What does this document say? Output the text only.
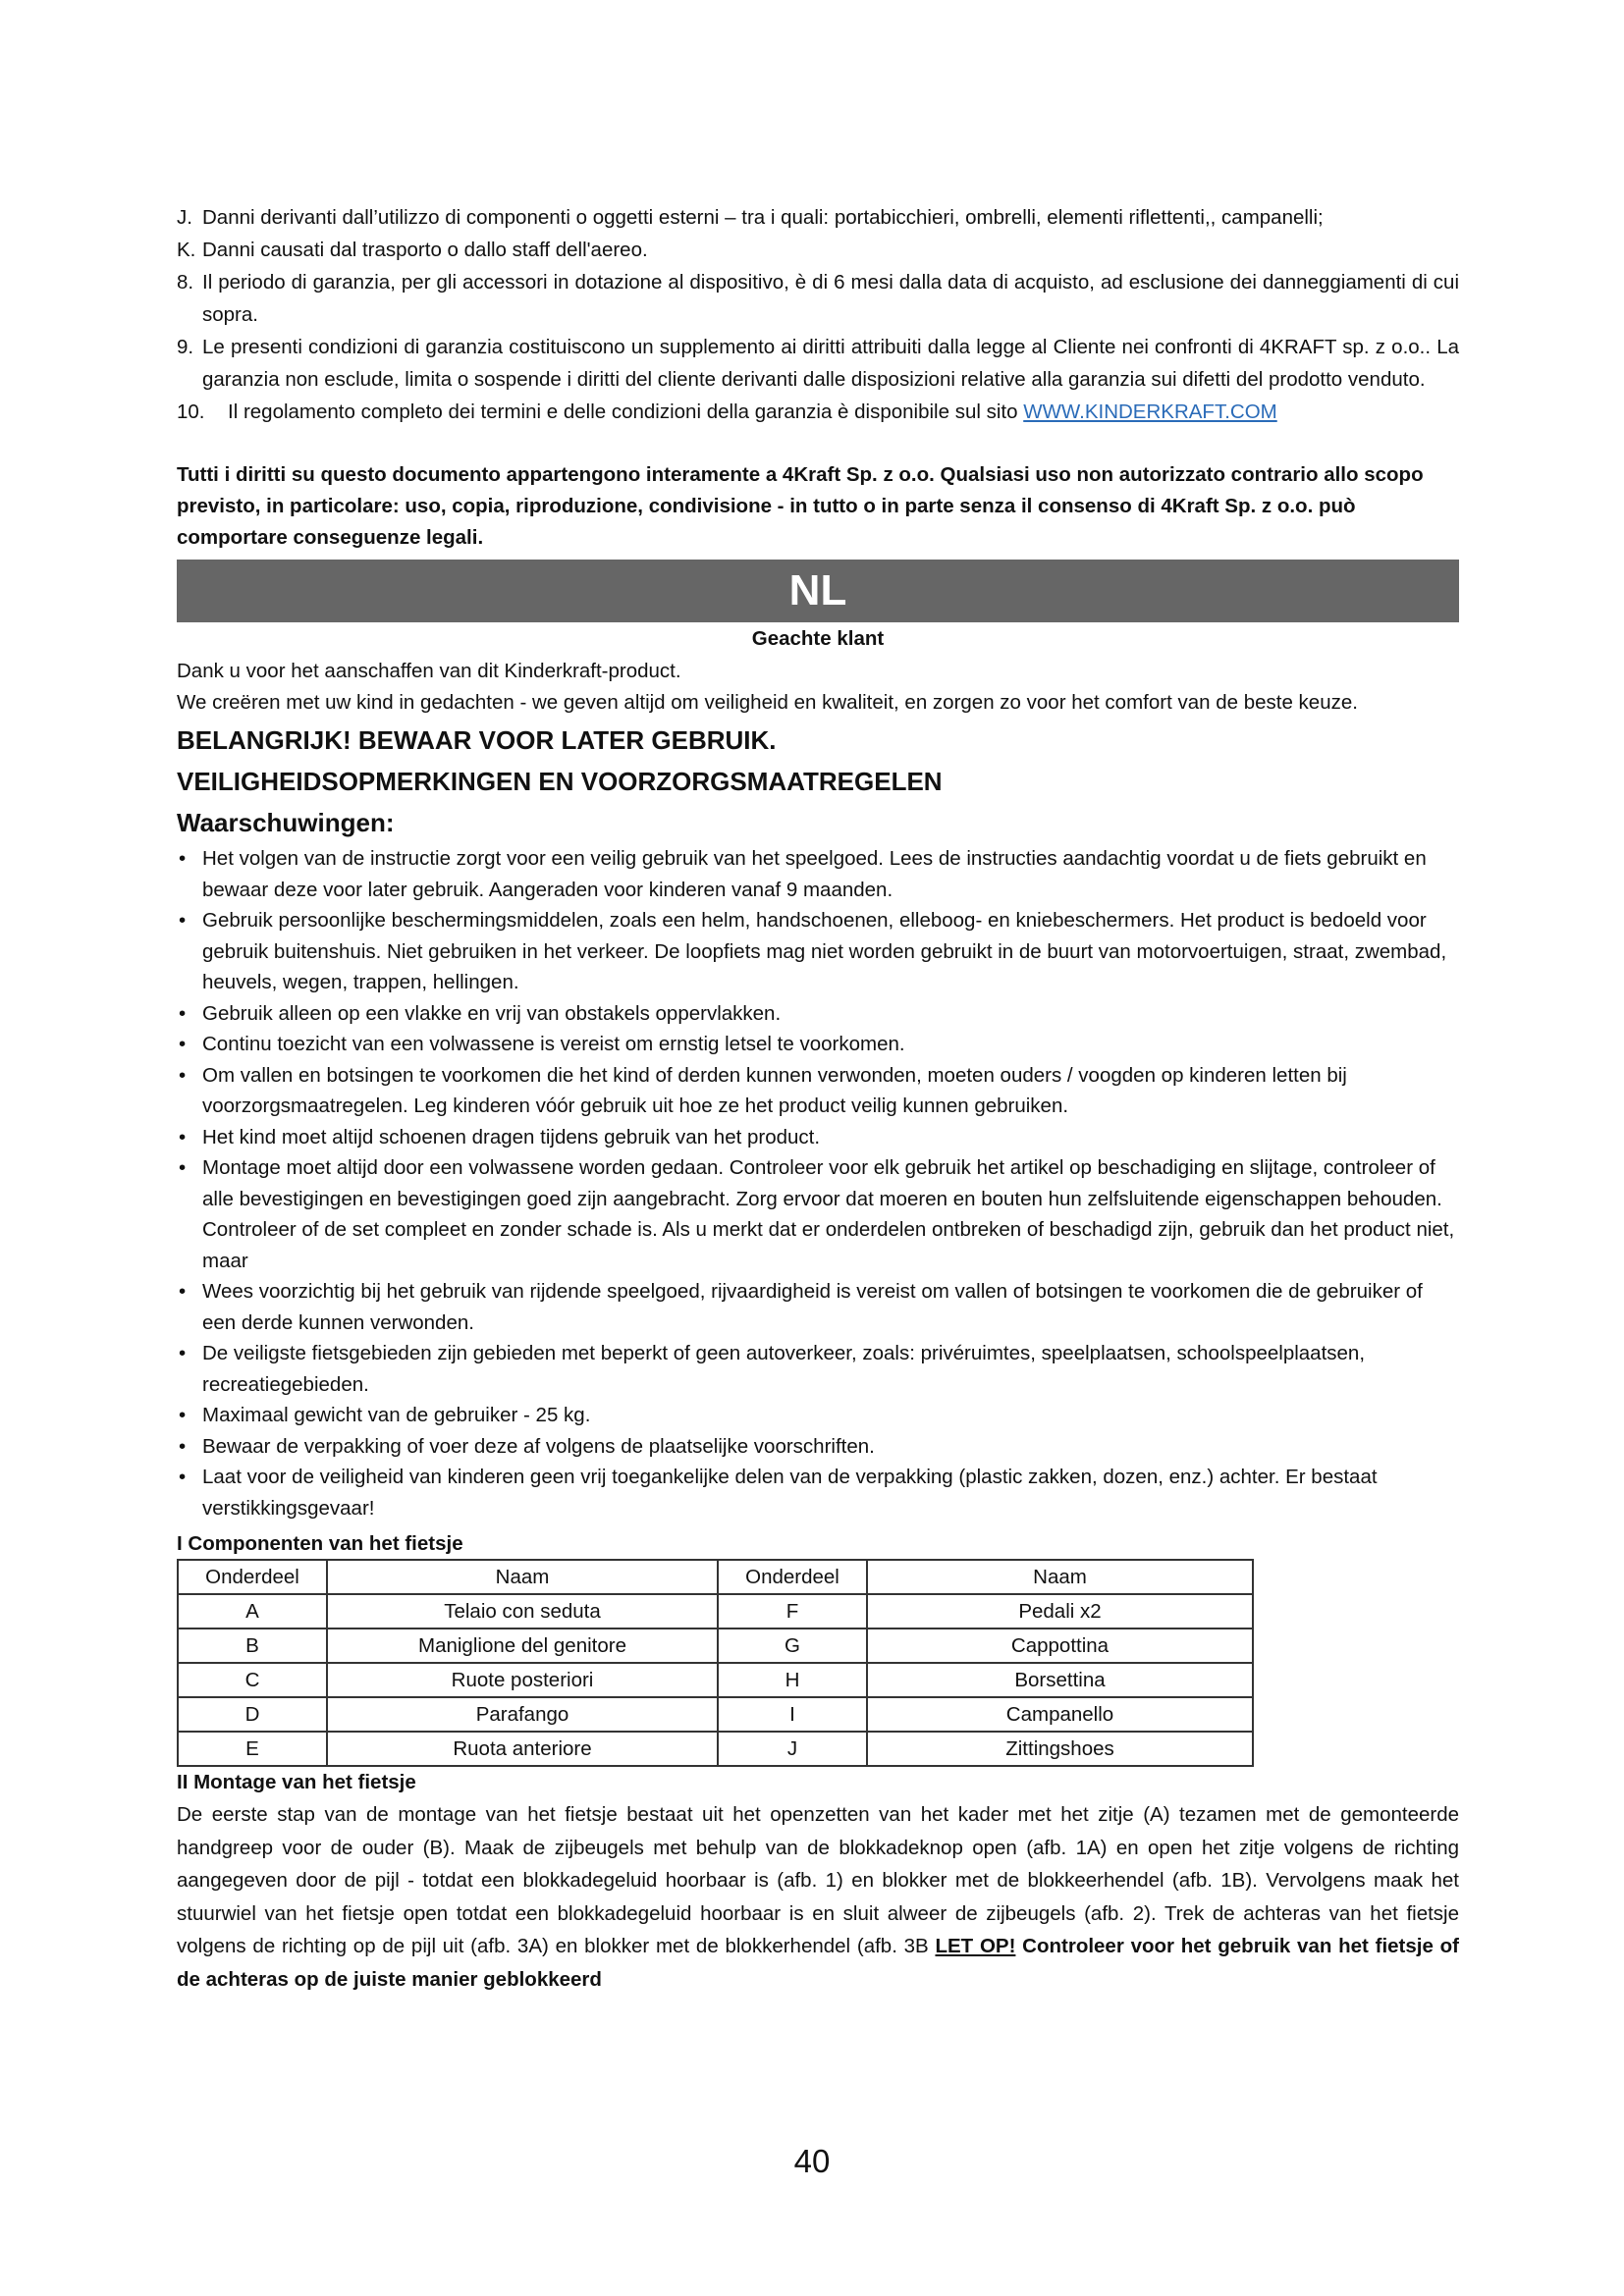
J. Danni derivanti dall’utilizzo di componenti o oggetti esterni – tra i quali: portabicchieri, ombrelli, elementi riflettenti,, campanelli;
K. Danni causati dal trasporto o dallo staff dell'aereo.
8. Il periodo di garanzia, per gli accessori in dotazione al dispositivo, è di 6 mesi dalla data di acquisto, ad esclusione dei danneggiamenti di cui sopra.
9. Le presenti condizioni di garanzia costituiscono un supplemento ai diritti attribuiti dalla legge al Cliente nei confronti di 4KRAFT sp. z o.o.. La garanzia non esclude, limita o sospende i diritti del cliente derivanti dalle disposizioni relative alla garanzia sui difetti del prodotto venduto.
10.	Il regolamento completo dei termini e delle condizioni della garanzia è disponibile sul sito WWW.KINDERKRAFT.COM
Tutti i diritti su questo documento appartengono interamente a 4Kraft Sp. z o.o. Qualsiasi uso non autorizzato contrario allo scopo previsto, in particolare: uso, copia, riproduzione, condivisione - in tutto o in parte senza il consenso di 4Kraft Sp. z o.o. può comportare conseguenze legali.
NL
Geachte klant
Dank u voor het aanschaffen van dit Kinderkraft-product.
We creëren met uw kind in gedachten - we geven altijd om veiligheid en kwaliteit, en zorgen zo voor het comfort van de beste keuze.
BELANGRIJK! BEWAAR VOOR LATER GEBRUIK.
VEILIGHEIDSOPMERKINGEN EN VOORZORGSMAATREGELEN
Waarschuwingen:
• Het volgen van de instructie zorgt voor een veilig gebruik van het speelgoed. Lees de instructies aandachtig voordat u de fiets gebruikt en bewaar deze voor later gebruik. Aangeraden voor kinderen vanaf 9 maanden.
• Gebruik persoonlijke beschermingsmiddelen, zoals een helm, handschoenen, elleboog- en kniebeschermers. Het product is bedoeld voor gebruik buitenshuis. Niet gebruiken in het verkeer. De loopfiets mag niet worden gebruikt in de buurt van motorvoertuigen, straat, zwembad, heuvels, wegen, trappen, hellingen.
• Gebruik alleen op een vlakke en vrij van obstakels oppervlakken.
• Continu toezicht van een volwassene is vereist om ernstig letsel te voorkomen.
• Om vallen en botsingen te voorkomen die het kind of derden kunnen verwonden, moeten ouders / voogden op kinderen letten bij voorzorgsmaatregelen. Leg kinderen vóór gebruik uit hoe ze het product veilig kunnen gebruiken.
• Het kind moet altijd schoenen dragen tijdens gebruik van het product.
• Montage moet altijd door een volwassene worden gedaan. Controleer voor elk gebruik het artikel op beschadiging en slijtage, controleer of alle bevestigingen en bevestigingen goed zijn aangebracht. Zorg ervoor dat moeren en bouten hun zelfsluitende eigenschappen behouden. Controleer of de set compleet en zonder schade is. Als u merkt dat er onderdelen ontbreken of beschadigd zijn, gebruik dan het product niet, maar
• Wees voorzichtig bij het gebruik van rijdende speelgoed, rijvaardigheid is vereist om vallen of botsingen te voorkomen die de gebruiker of een derde kunnen verwonden.
• De veiligste fietsgebieden zijn gebieden met beperkt of geen autoverkeer, zoals: privéruimtes, speelplaatsen, schoolspeelplaatsen, recreatiegebieden.
• Maximaal gewicht van de gebruiker - 25 kg.
• Bewaar de verpakking of voer deze af volgens de plaatselijke voorschriften.
• Laat voor de veiligheid van kinderen geen vrij toegankelijke delen van de verpakking (plastic zakken, dozen, enz.) achter. Er bestaat verstikkingsgevaar!
I Componenten van het fietsje
Onderdeel	Naam	Onderdeel	Naam
A	Telaio con seduta	F	Pedali x2
B	Maniglione del genitore	G	Cappottina
C	Ruote posteriori	H	Borsettina
D	Parafango	I	Campanello
E	Ruota anteriore	J	Zittingshoes
II Montage van het fietsje
De eerste stap van de montage van het fietsje bestaat uit het openzetten van het kader met het zitje (A) tezamen met de gemonteerde handgreep voor de ouder (B). Maak de zijbeugels met behulp van de blokkadeknop open (afb. 1A) en open het zitje volgens de richting aangegeven door de pijl - totdat een blokkadegeluid hoorbaar is (afb. 1) en blokker met de blokkeerhendel (afb. 1B). Vervolgens maak het stuurwiel van het fietsje open totdat een blokkadegeluid hoorbaar is en sluit alweer de zijbeugels (afb. 2). Trek de achteras van het fietsje volgens de richting op de pijl uit (afb. 3A) en blokker met de blokkerhendel (afb. 3B LET OP! Controleer voor het gebruik van het fietsje of de achteras op de juiste manier geblokkeerd
40
